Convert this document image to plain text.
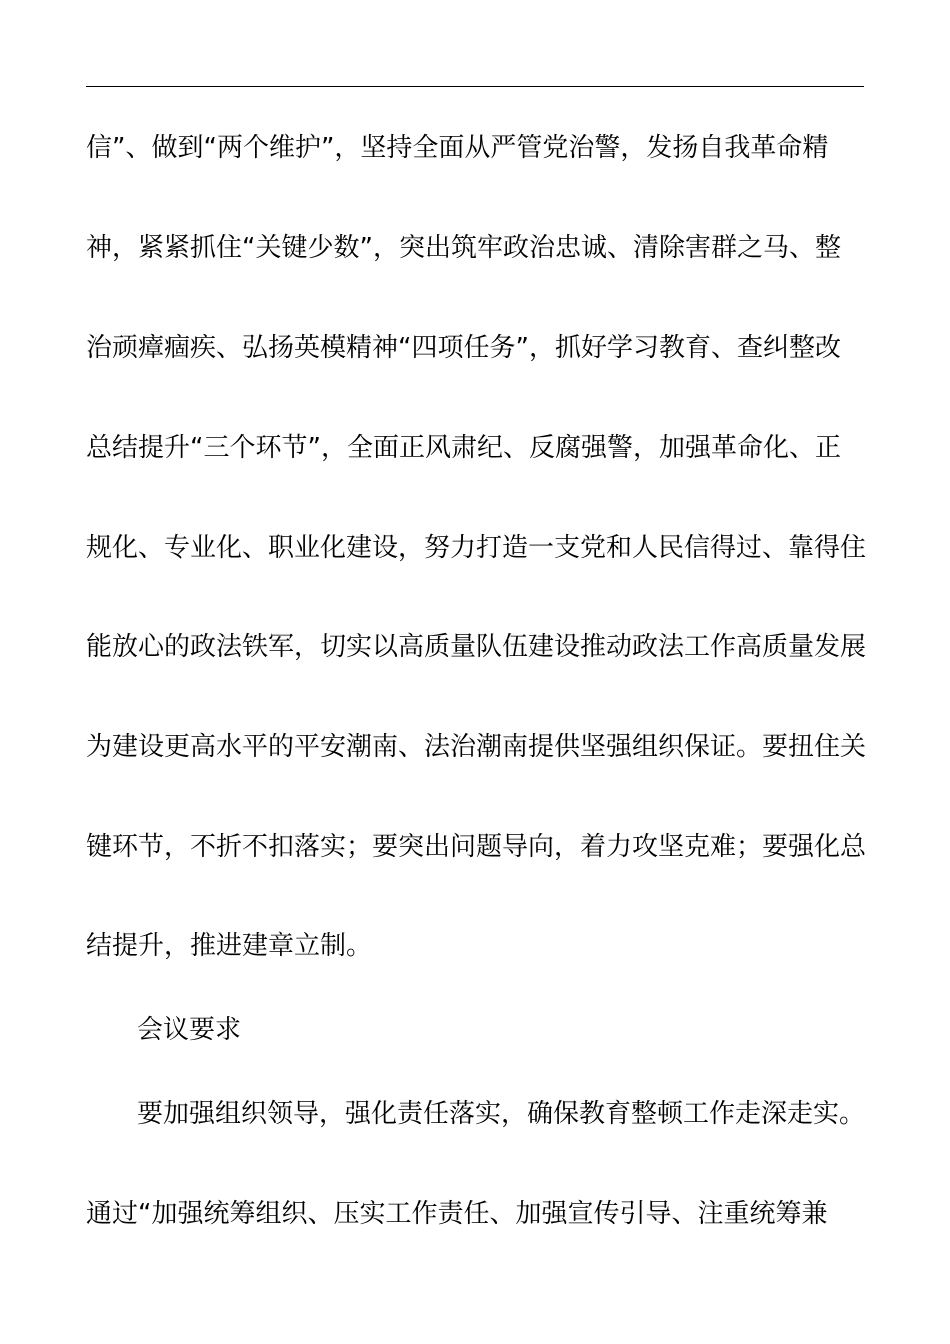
信”、做到“两个维护”，坚持全面从严管党治警，发扬自我革命精
神，紧紧抓住“关键少数”，突出筑牢政治忠诚、清除害群之马、整
治顽瘴痼疾、弘扬英模精神“四项任务”，抓好学习教育、查纠整改
总结提升“三个环节”，全面正风肃纪、反腐强警，加强革命化、正
规化、专业化、职业化建设，努力打造一支党和人民信得过、靠得住
能放心的政法铁军，切实以高质量队伍建设推动政法工作高质量发展
为建设更高水平的平安潮南、法治潮南提供坚强组织保证。要扭住关
键环节，不折不扣落实；要突出问题导向，着力攻坚克难；要强化总
结提升，推进建章立制。
会议要求
要加强组织领导，强化责任落实，确保教育整顿工作走深走实。
通过“加强统筹组织、压实工作责任、加强宣传引导、注重统筹兼
